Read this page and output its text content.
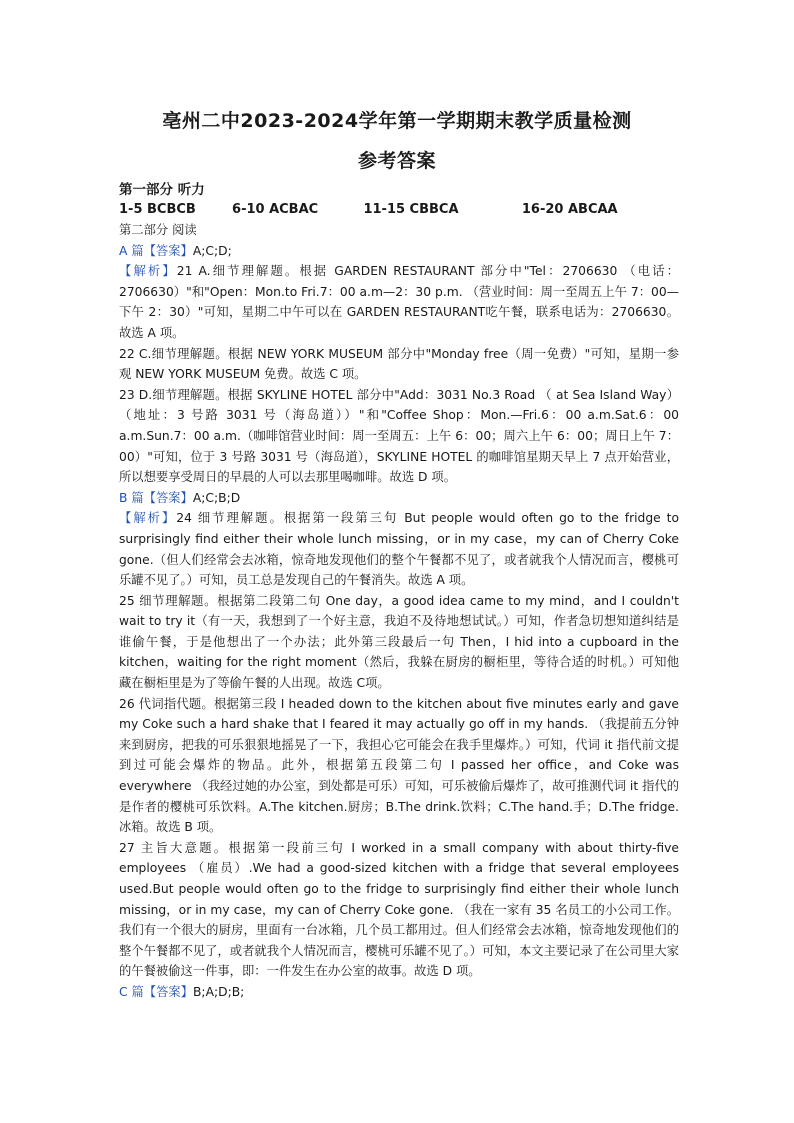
亳州二中2023-2024学年第一学期期末教学质量检测
参考答案

第一部分 听力

1-5 BCBCB        6-10 ACBAC          11-15 CBBCA              16-20 ABCAA

第二部分 阅读

A 篇【答案】A;C;D;

【解析】21 A.细节理解题。根据 GARDEN RESTAURANT 部分中"Tel：2706630 （电话：2706630）"和"Open：Mon.to Fri.7：00 a.m—2：30 p.m. （营业时间：周一至周五上午 7：00—下午 2：30）"可知，星期二中午可以在 GARDEN RESTAURANT吃午餐，联系电话为：2706630。故选 A 项。

22 C.细节理解题。根据 NEW YORK MUSEUM 部分中"Monday free（周一免费）"可知，星期一参观 NEW YORK MUSEUM 免费。故选 C 项。

23 D.细节理解题。根据 SKYLINE HOTEL 部分中"Add：3031 No.3 Road （ at Sea Island Way）（地址：3 号路 3031 号（海岛道））"和"Coffee Shop：Mon.—Fri.6：00 a.m.Sat.6：00 a.m.Sun.7：00 a.m.（咖啡馆营业时间：周一至周五：上午 6：00；周六上午 6：00；周日上午 7：00）"可知，位于 3 号路 3031 号（海岛道），SKYLINE HOTEL 的咖啡馆星期天早上 7 点开始营业，所以想要享受周日的早晨的人可以去那里喝咖啡。故选 D 项。

B 篇【答案】A;C;B;D

【解析】24 细节理解题。根据第一段第三句 But people would often go to the fridge to surprisingly find either their whole lunch missing，or in my case，my can of Cherry Coke gone.（但人们经常会去冰箱，惊奇地发现他们的整个午餐都不见了，或者就我个人情况而言，樱桃可乐罐不见了。）可知，员工总是发现自己的午餐消失。故选 A 项。

25 细节理解题。根据第二段第二句 One day，a good idea came to my mind，and I couldn't wait to try it（有一天，我想到了一个好主意，我迫不及待地想试试。）可知，作者急切想知道纠结是谁偷午餐，于是他想出了一个办法；此外第三段最后一句 Then，I hid into a cupboard in the kitchen，waiting for the right moment（然后，我躲在厨房的橱柜里，等待合适的时机。）可知他藏在橱柜里是为了等偷午餐的人出现。故选 C项。

26 代词指代题。根据第三段 I headed down to the kitchen about five minutes early and gave my Coke such a hard shake that I feared it may actually go off in my hands. （我提前五分钟来到厨房，把我的可乐狠狠地摇晃了一下，我担心它可能会在我手里爆炸。）可知，代词 it 指代前文提到过可能会爆炸的物品。此外，根据第五段第二句 I passed her office，and Coke was everywhere （我经过她的办公室，到处都是可乐）可知，可乐被偷后爆炸了，故可推测代词 it 指代的是作者的樱桃可乐饮料。A.The kitchen.厨房；B.The drink.饮料；C.The hand.手；D.The fridge.冰箱。故选 B 项。

27 主旨大意题。根据第一段前三句 I worked in a small company with about thirty-five employees （雇员）.We had a good-sized kitchen with a fridge that several employees used.But people would often go to the fridge to surprisingly find either their whole lunch missing，or in my case，my can of Cherry Coke gone. （我在一家有 35 名员工的小公司工作。我们有一个很大的厨房，里面有一台冰箱，几个员工都用过。但人们经常会去冰箱，惊奇地发现他们的整个午餐都不见了，或者就我个人情况而言，樱桃可乐罐不见了。）可知，本文主要记录了在公司里大家的午餐被偷这一件事，即：一件发生在办公室的故事。故选 D 项。

C 篇【答案】B;A;D;B;
